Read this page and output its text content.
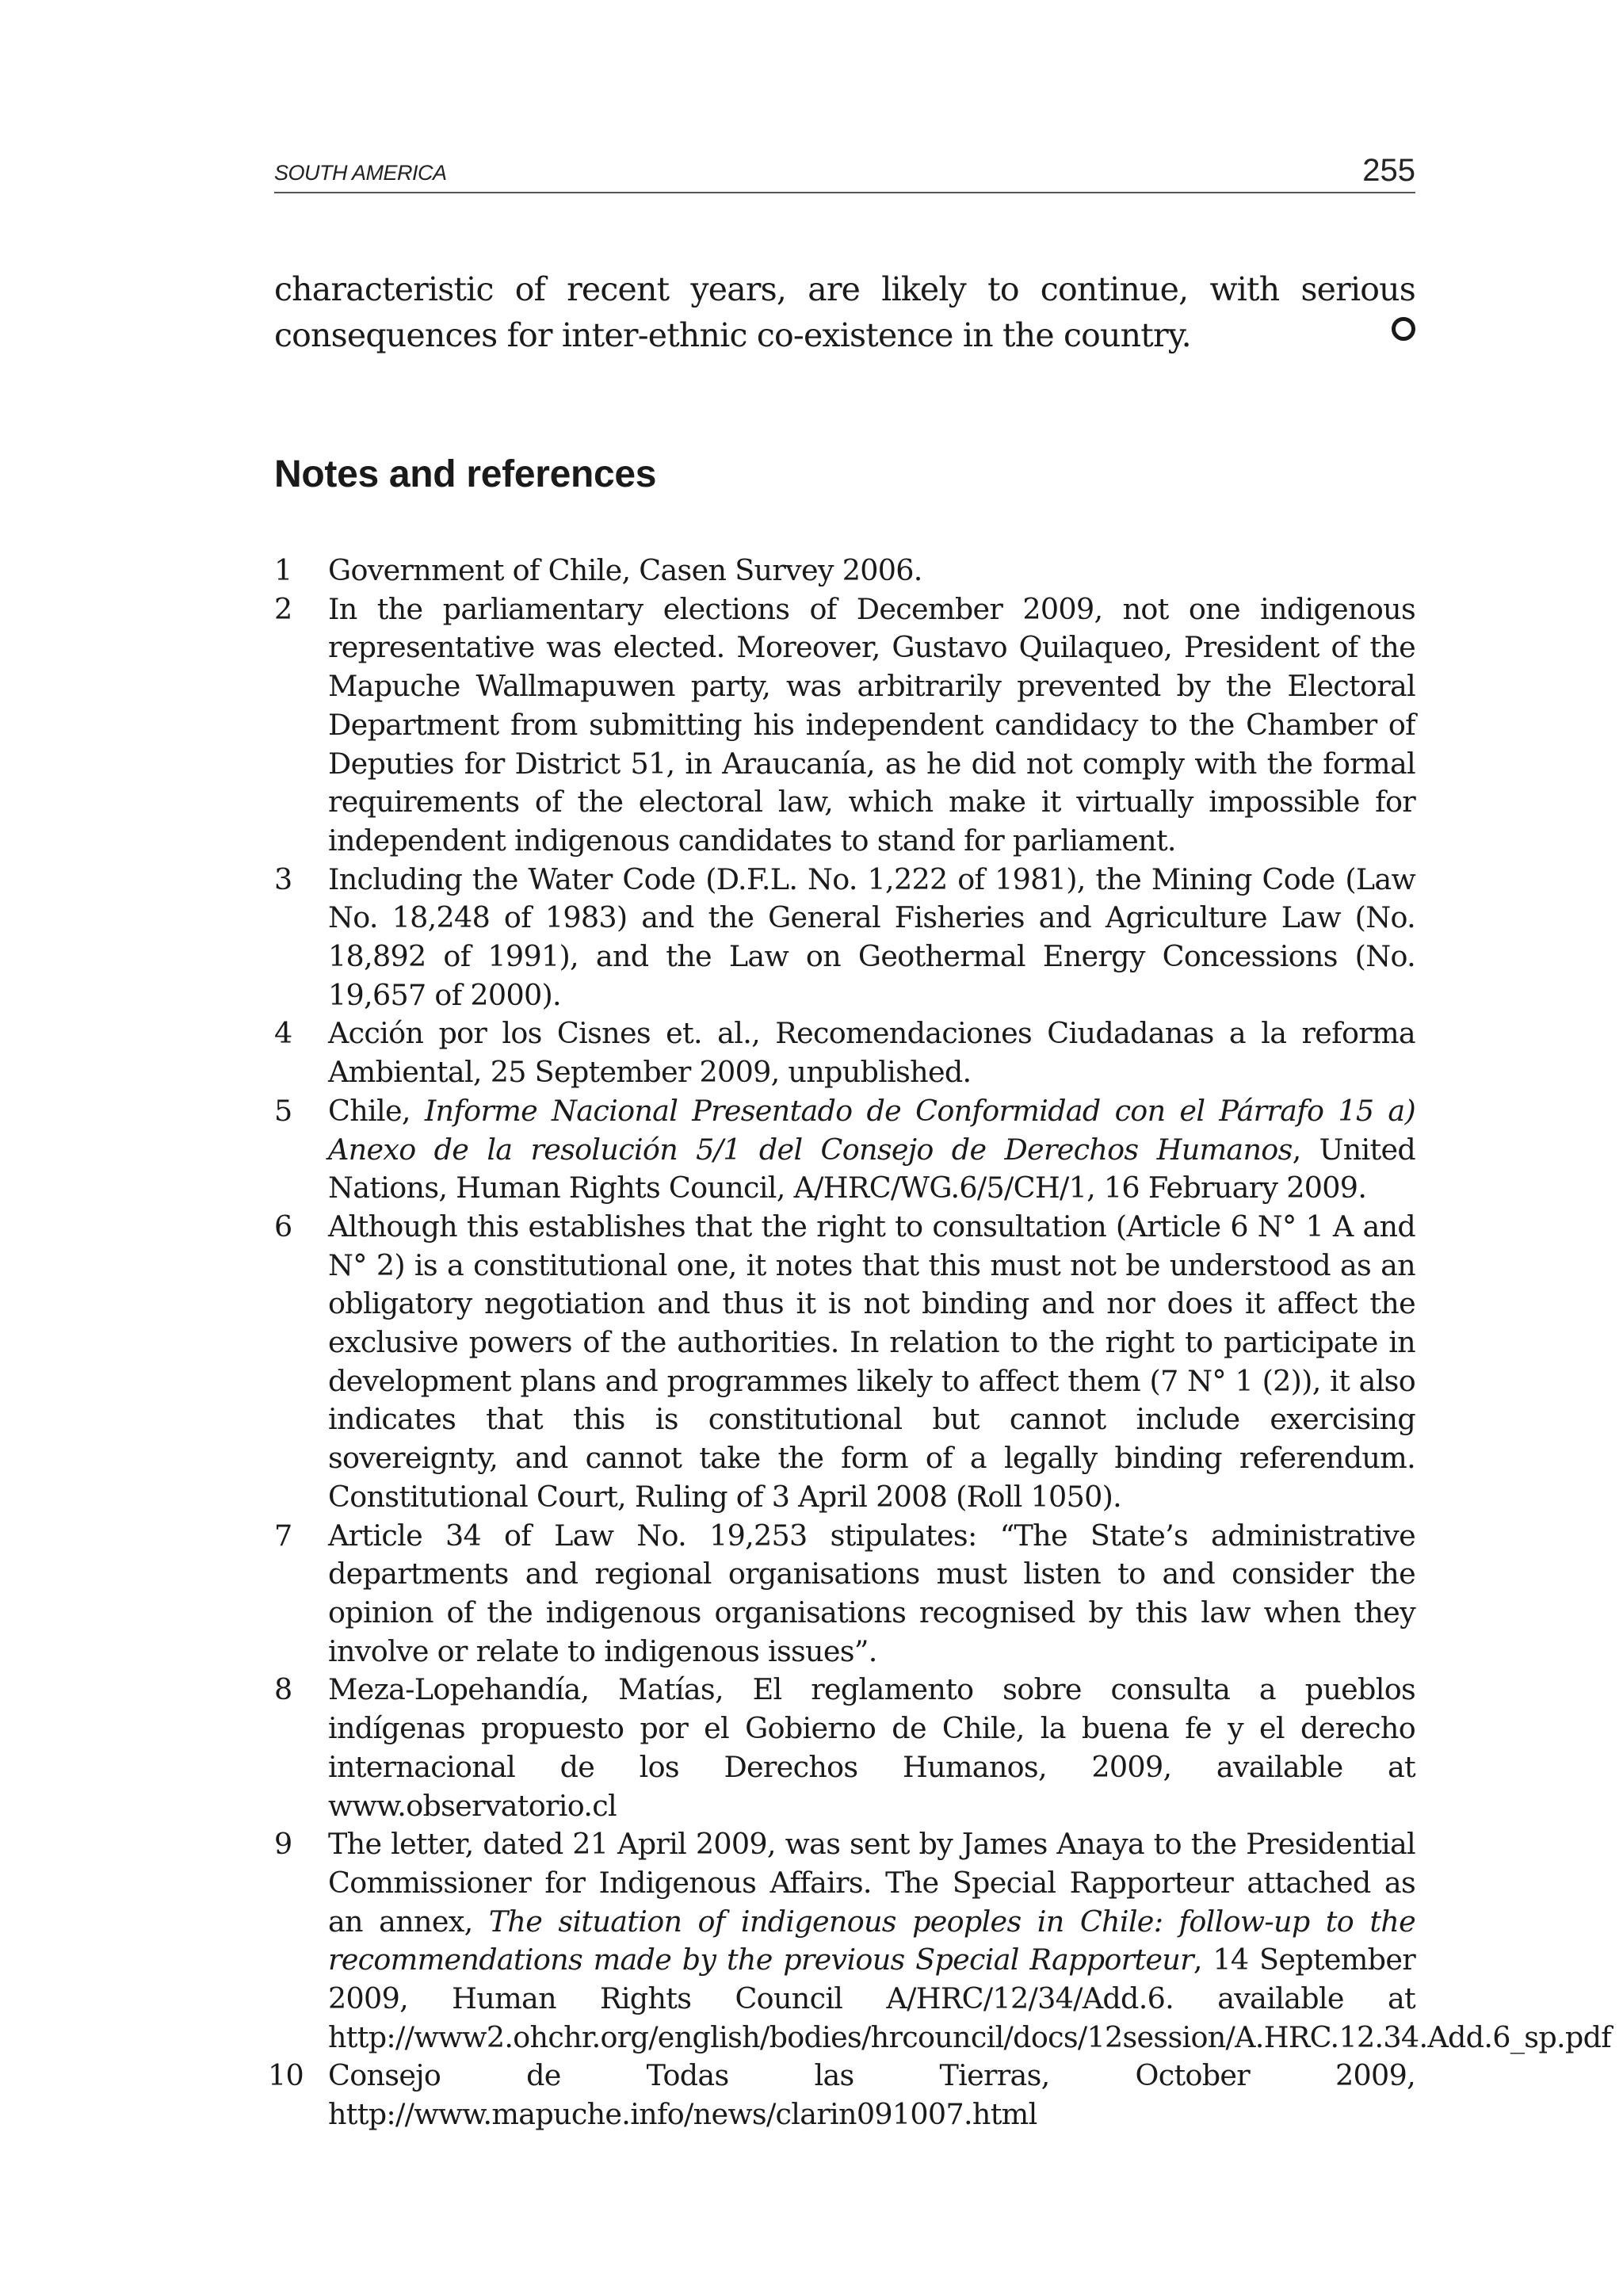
SOUTH AMERICA	255

characteristic of recent years, are likely to continue, with serious consequences for inter-ethnic co-existence in the country.

Notes and references
1	Government of Chile, Casen Survey 2006.
2	In the parliamentary elections of December 2009, not one indigenous representative was elected. Moreover, Gustavo Quilaqueo, President of the Mapuche Wallmapuwen party, was arbitrarily prevented by the Electoral Department from submitting his independent candidacy to the Chamber of Deputies for District 51, in Araucanía, as he did not comply with the formal requirements of the electoral law, which make it virtually impossible for independent indigenous candidates to stand for parliament.
3	Including the Water Code (D.F.L. No. 1,222 of 1981), the Mining Code (Law No. 18,248 of 1983) and the General Fisheries and Agriculture Law (No. 18,892 of 1991), and the Law on Geothermal Energy Concessions (No. 19,657 of 2000).
4	Acción por los Cisnes et. al., Recomendaciones Ciudadanas a la reforma Ambiental, 25 September 2009, unpublished.
5	Chile, Informe Nacional Presentado de Conformidad con el Párrafo 15 a) Anexo de la resolución 5/1 del Consejo de Derechos Humanos, United Nations, Human Rights Council, A/HRC/WG.6/5/CH/1, 16 February 2009.
6	Although this establishes that the right to consultation (Article 6 N° 1 A and N° 2) is a constitutional one, it notes that this must not be understood as an obligatory negotiation and thus it is not binding and nor does it affect the exclusive powers of the authorities. In relation to the right to participate in development plans and programmes likely to affect them (7 N° 1 (2)), it also indicates that this is constitutional but cannot include exercising sovereignty, and cannot take the form of a legally binding referendum. Constitutional Court, Ruling of 3 April 2008 (Roll 1050).
7	Article 34 of Law No. 19,253 stipulates: “The State’s administrative departments and regional organisations must listen to and consider the opinion of the indigenous organisations recognised by this law when they involve or relate to indigenous issues”.
8	Meza-Lopehandía, Matías, El reglamento sobre consulta a pueblos indígenas propuesto por el Gobierno de Chile, la buena fe y el derecho internacional de los Derechos Humanos, 2009, available at www.observatorio.cl
9	The letter, dated 21 April 2009, was sent by James Anaya to the Presidential Commissioner for Indigenous Affairs. The Special Rapporteur attached as an annex, The situation of indigenous peoples in Chile: follow-up to the recommendations made by the previous Special Rapporteur, 14 September 2009, Human Rights Council A/HRC/12/34/Add.6. available at http://www2.ohchr.org/english/bodies/hrcouncil/docs/12session/A.HRC.12.34.Add.6_sp.pdf
10 Consejo de Todas las Tierras, October 2009, http://www.mapuche.info/news/clarin091007.html
